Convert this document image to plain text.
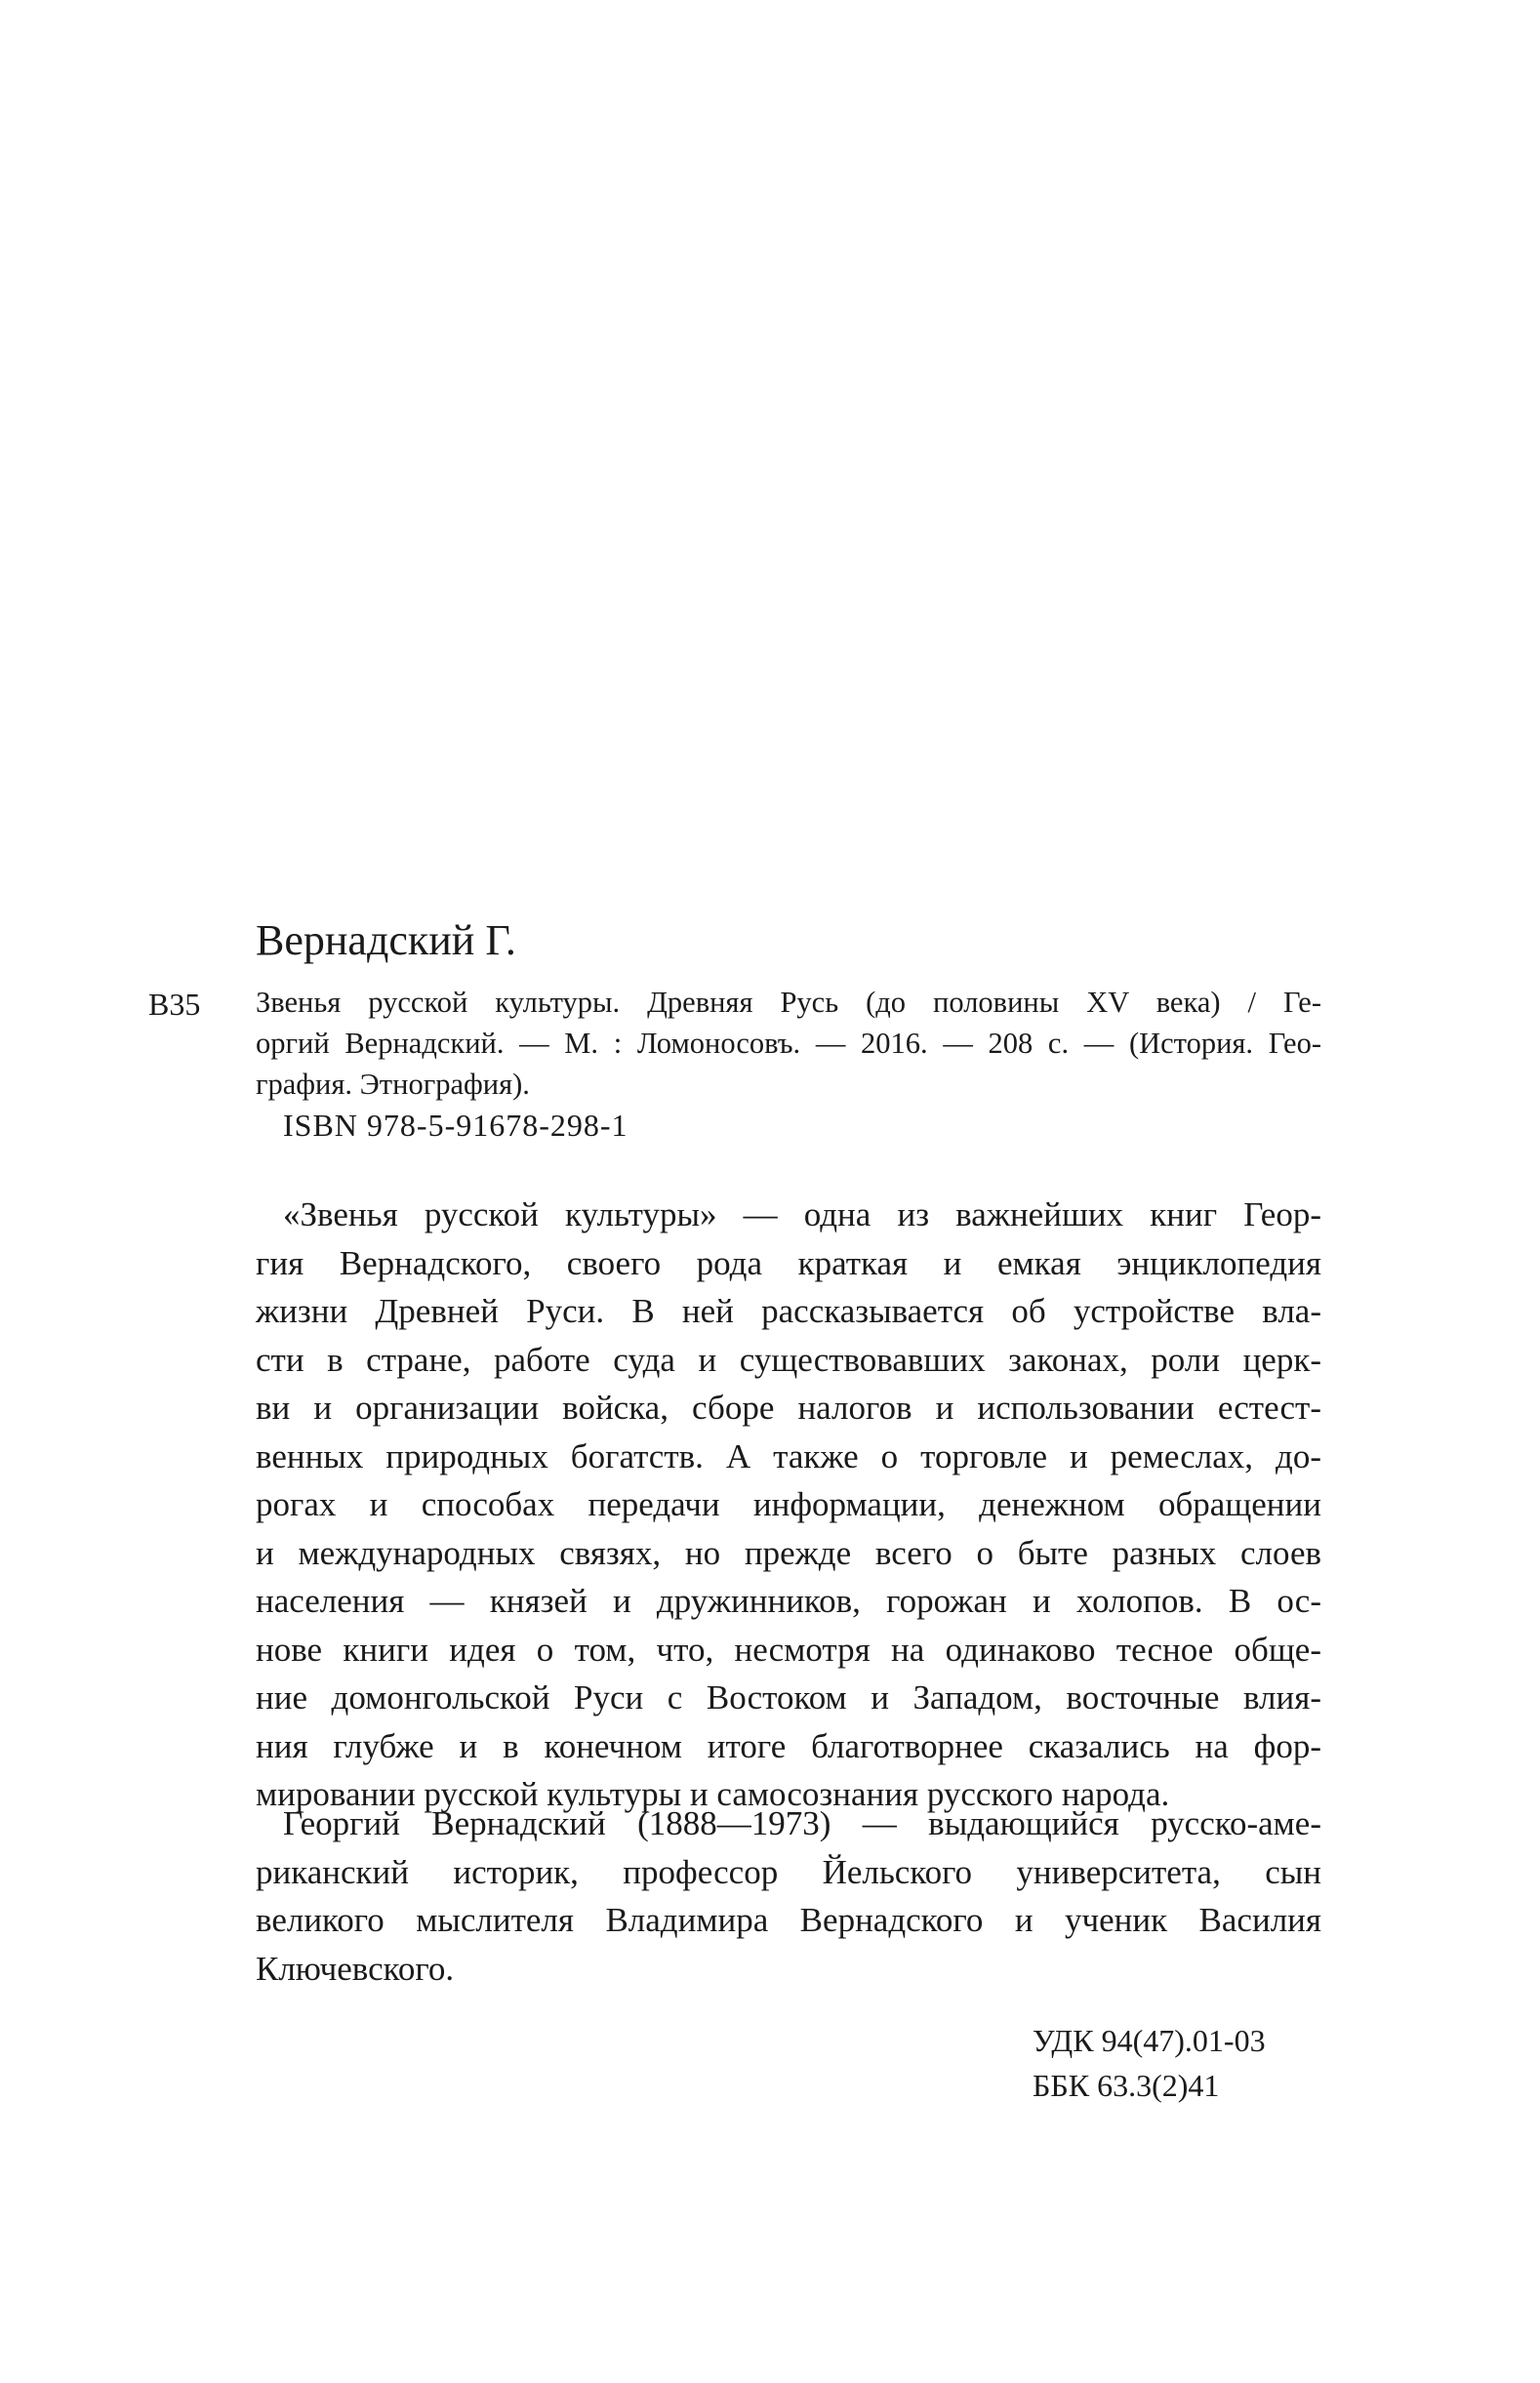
Вернадский Г.
В35 Звенья русской культуры. Древняя Русь (до половины XV века) / Ге-
оргий Вернадский. — М. : Ломоносовъ. — 2016. — 208 с. — (История. Гео-
графия. Этнография).
ISBN 978-5-91678-298-1
«Звенья русской культуры» — одна из важнейших книг Геор-
гия Вернадского, своего рода краткая и емкая энциклопедия
жизни Древней Руси. В ней рассказывается об устройстве вла-
сти в стране, работе суда и существовавших законах, роли церк-
ви и организации войска, сборе налогов и использовании естест-
венных природных богатств. А также о торговле и ремеслах, до-
рогах и способах передачи информации, денежном обращении
и международных связях, но прежде всего о быте разных слоев
населения — князей и дружинников, горожан и холопов. В ос-
нове книги идея о том, что, несмотря на одинаково тесное обще-
ние домонгольской Руси с Востоком и Западом, восточные влия-
ния глубже и в конечном итоге благотворнее сказались на фор-
мировании русской культуры и самосознания русского народа.
Георгий Вернадский (1888—1973) — выдающийся русско-аме-
риканский историк, профессор Йельского университета, сын
великого мыслителя Владимира Вернадского и ученик Василия
Ключевского.
УДК 94(47).01-03
ББК 63.3(2)41
